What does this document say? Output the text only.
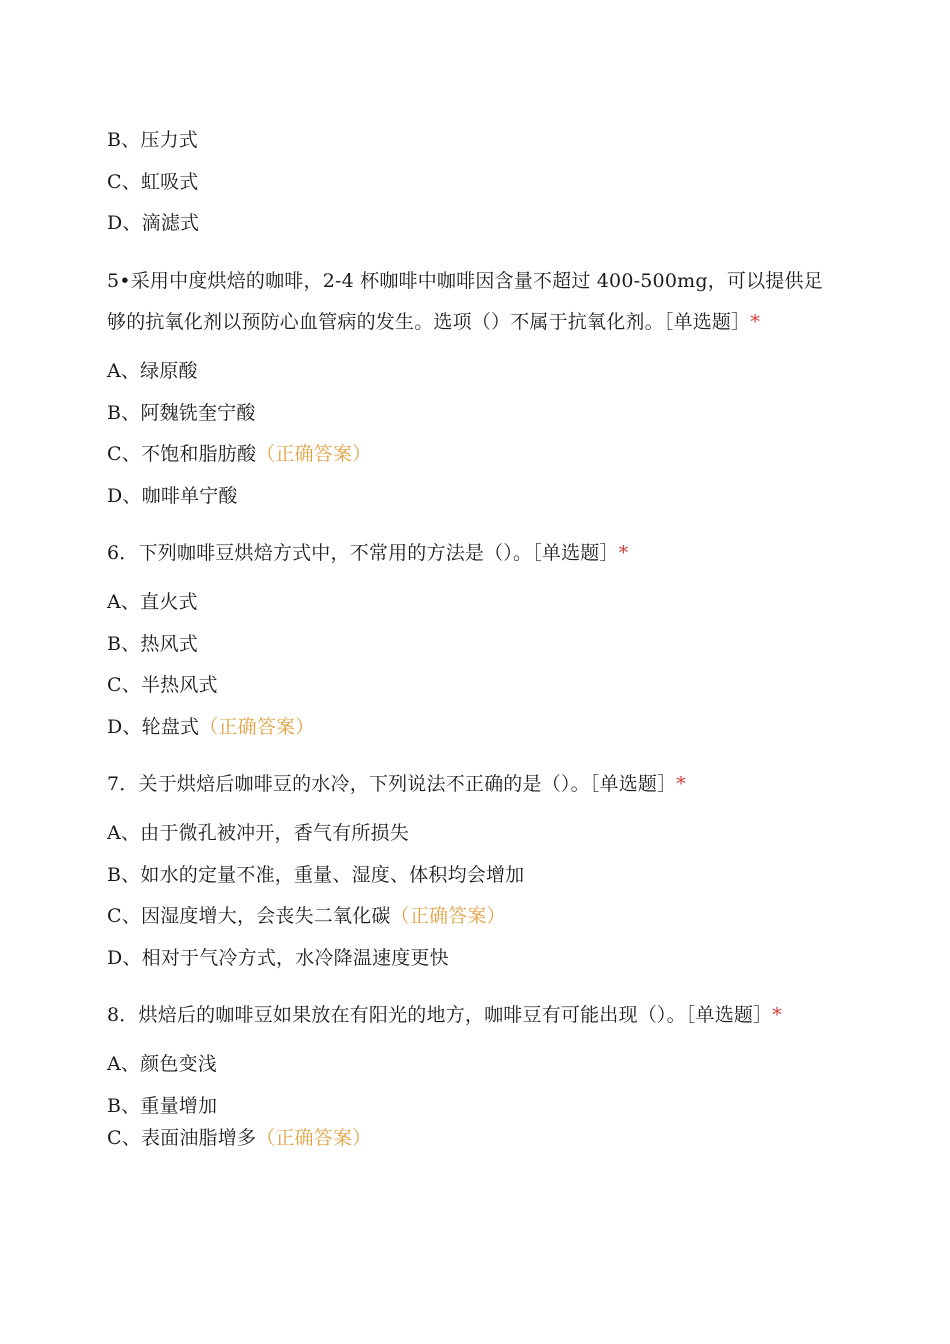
B、压力式
C、虹吸式
D、滴滤式
5•采用中度烘焙的咖啡，2-4 杯咖啡中咖啡因含量不超过 400-500mg，可以提供足
够的抗氧化剂以预防心血管病的发生。选项（）不属于抗氧化剂。［单选题］*
A、绿原酸
B、阿魏铣奎宁酸
C、不饱和脂肪酸（正确答案）
D、咖啡单宁酸
6．下列咖啡豆烘焙方式中，不常用的方法是（）。［单选题］*
A、直火式
B、热风式
C、半热风式
D、轮盘式（正确答案）
7．关于烘焙后咖啡豆的水冷，下列说法不正确的是（）。［单选题］*
A、由于微孔被冲开，香气有所损失
B、如水的定量不准，重量、湿度、体积均会增加
C、因湿度增大，会丧失二氧化碳（正确答案）
D、相对于气冷方式，水冷降温速度更快
8．烘焙后的咖啡豆如果放在有阳光的地方，咖啡豆有可能出现（）。［单选题］*
A、颜色变浅
B、重量增加
C、表面油脂增多（正确答案）
